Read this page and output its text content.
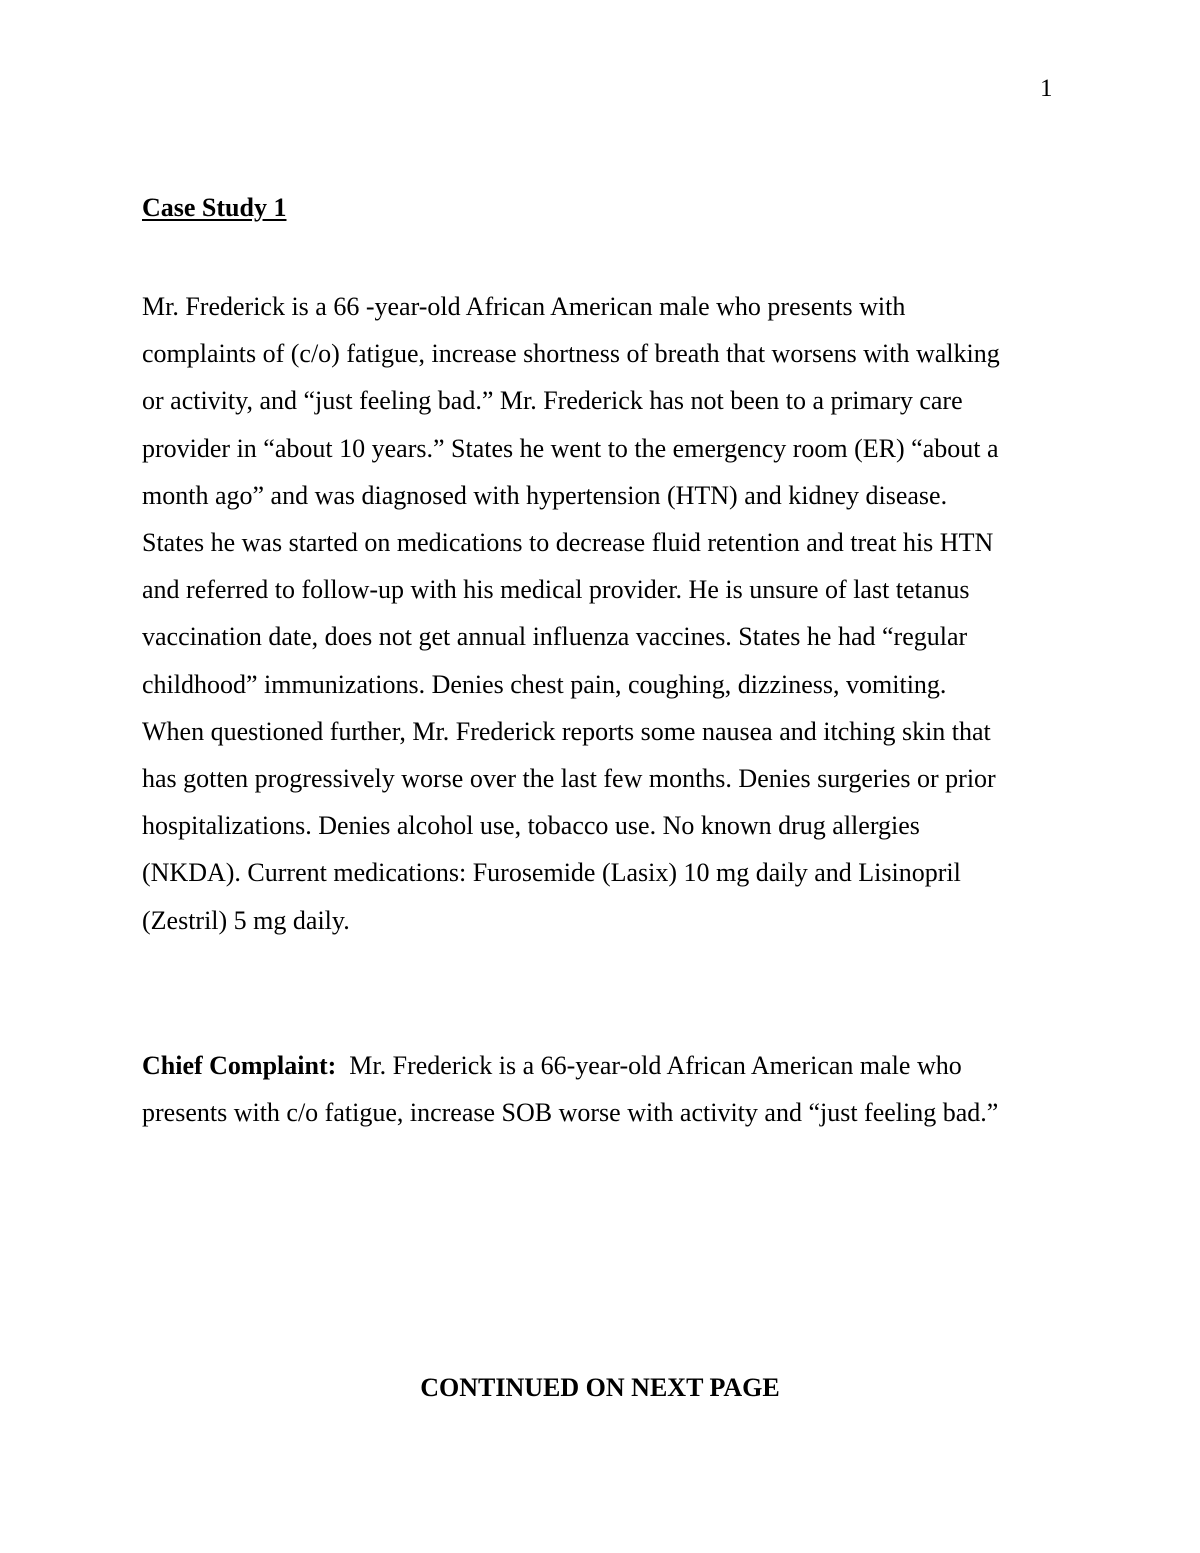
1
Case Study 1
Mr. Frederick is a 66 -year-old African American male who presents with
complaints of (c/o) fatigue, increase shortness of breath that worsens with walking
or activity, and “just feeling bad.” Mr. Frederick has not been to a primary care
provider in “about 10 years.” States he went to the emergency room (ER) “about a
month ago” and was diagnosed with hypertension (HTN) and kidney disease.
States he was started on medications to decrease fluid retention and treat his HTN
and referred to follow-up with his medical provider. He is unsure of last tetanus
vaccination date, does not get annual influenza vaccines. States he had “regular
childhood” immunizations. Denies chest pain, coughing, dizziness, vomiting.
When questioned further, Mr. Frederick reports some nausea and itching skin that
has gotten progressively worse over the last few months. Denies surgeries or prior
hospitalizations. Denies alcohol use, tobacco use. No known drug allergies
(NKDA). Current medications: Furosemide (Lasix) 10 mg daily and Lisinopril
(Zestril) 5 mg daily.
Chief Complaint: Mr. Frederick is a 66-year-old African American male who
presents with c/o fatigue, increase SOB worse with activity and “just feeling bad.”
CONTINUED ON NEXT PAGE
